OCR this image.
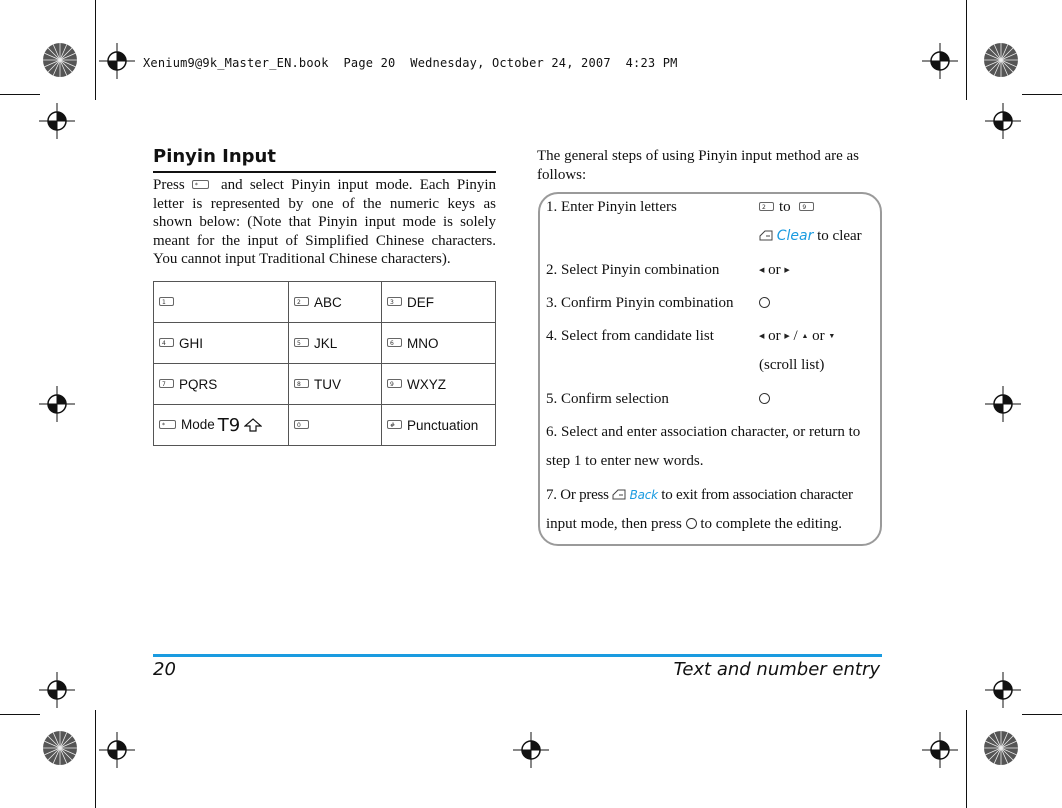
Xenium9@9k_Master_EN.book  Page 20  Wednesday, October 24, 2007  4:23 PM
Pinyin Input
Press * and select Pinyin input mode. Each Pinyin letter is represented by one of the numeric keys as shown below: (Note that Pinyin input mode is solely meant for the input of Simplified Chinese characters. You cannot input Traditional Chinese characters).
1	2 ABC	3 DEF
4 GHI	5 JKL	6 MNO
7 PQRS	8 TUV	9 WXYZ
* Mode T9	0	# Punctuation
The general steps of using Pinyin input method are as follows:
1. Enter Pinyin letters	2 to 9
Clear to clear
2. Select Pinyin combination	◀ or ▶
3. Confirm Pinyin combination
4. Select from candidate list	◀ or ▶ / ▲ or ▼
(scroll list)
5. Confirm selection
6. Select and enter association character, or return to
step 1 to enter new words.
7. Or press Back to exit from association character
input mode, then press to complete the editing.
20	Text and number entry
